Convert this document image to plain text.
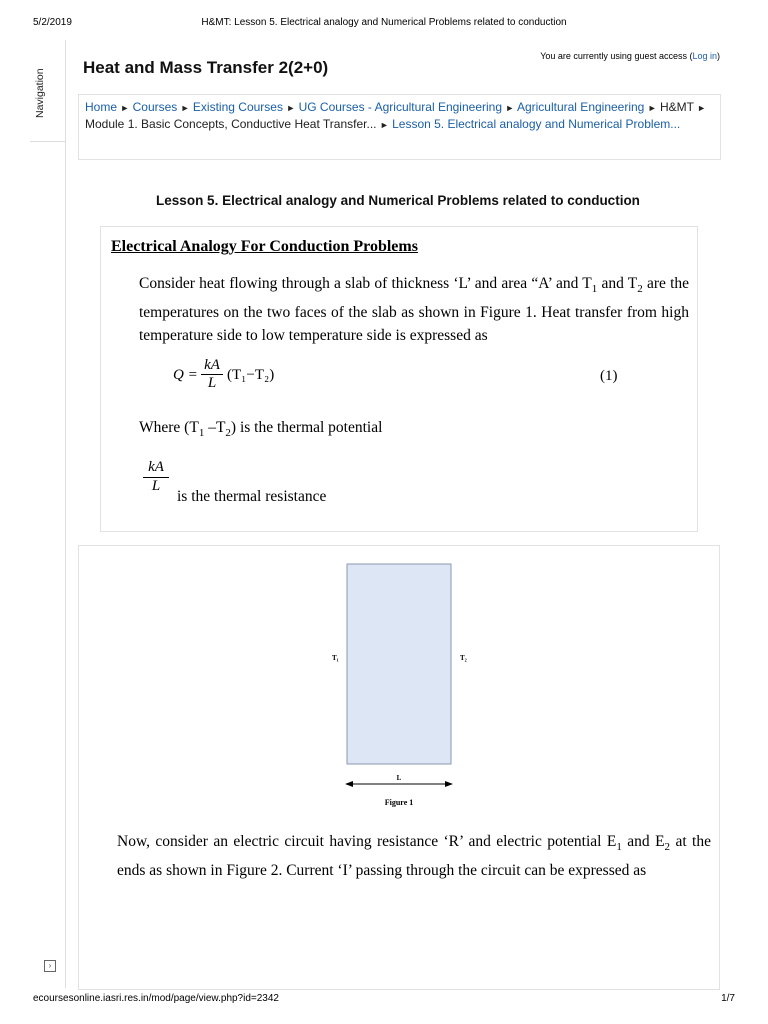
5/2/2019	H&MT: Lesson 5. Electrical analogy and Numerical Problems related to conduction
Navigation
›
You are currently using guest access (Log in)
Heat and Mass Transfer 2(2+0)
Home ► Courses ► Existing Courses ► UG Courses - Agricultural Engineering ► Agricultural Engineering ► H&MT ► Module 1. Basic Concepts, Conductive Heat Transfer... ► Lesson 5. Electrical analogy and Numerical Problem...
Lesson 5. Electrical analogy and Numerical Problems related to conduction
Electrical Analogy For Conduction Problems
Consider heat flowing through a slab of thickness ‘L’ and area “A’ and $T_1$ and $T_2$ are the temperatures on the two faces of the slab as shown in Figure 1. Heat transfer from high temperature side to low temperature side is expressed as
$Q = \frac{kA}{L} (T_1-T_2)$	(1)
Where ($T_1$ $-T_2$) is the thermal potential
$\frac{kA}{L}$ is the thermal resistance
T₁	T₂
L
Figure 1
Now, consider an electric circuit having resistance ‘R’ and electric potential $E_1$ and $E_2$ at the ends as shown in Figure 2. Current ‘I’ passing through the circuit can be expressed as
ecoursesonline.iasri.res.in/mod/page/view.php?id=2342	1/7
